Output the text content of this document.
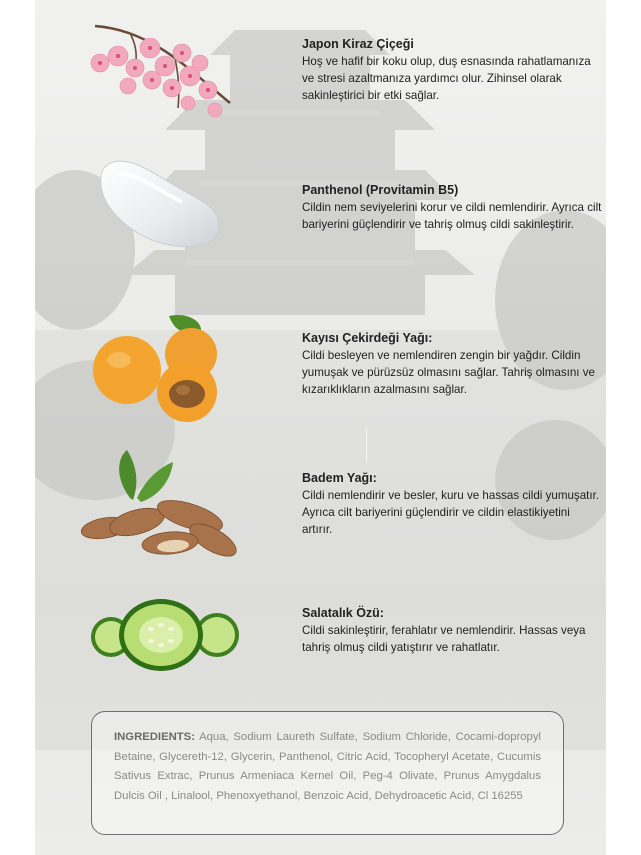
Japon Kiraz Çiçeği

Hoş ve hafif bir koku olup, duş esnasında rahatlamanıza ve stresi azaltmanıza yardımcı olur. Zihinsel olarak sakinleştirici bir etki sağlar.

Panthenol (Provitamin B5)

Cildin nem seviyelerini korur ve cildi nemlendirir. Ayrıca cilt bariyerini güçlendirir ve tahriş olmuş cildi sakinleştirir.

Kayısı Çekirdeği Yağı:

Cildi besleyen ve nemlendiren zengin bir yağdır. Cildin yumuşak ve pürüzsüz olmasını sağlar. Tahriş olmasını ve kızarıklıkların azalmasını sağlar.

Badem Yağı:

Cildi nemlendirir ve besler, kuru ve hassas cildi yumuşatır. Ayrıca cilt bariyerini güçlendirir ve cildin elastikiyetini artırır.

Salatalık Özü:

Cildi sakinleştirir, ferahlatır ve nemlendirir. Hassas veya tahriş olmuş cildi yatıştırır ve rahatlatır.

INGREDIENTS: Aqua, Sodium Laureth Sulfate, Sodium Chloride, Cocami-dopropyl Betaine, Glycereth-12, Glycerin, Panthenol, Citric Acid, Tocopheryl Acetate, Cucumis Sativus Extrac, Prunus Armeniaca Kernel Oil, Peg-4 Olivate, Prunus Amygdalus Dulcis Oil , Linalool, Phenoxyethanol, Benzoic Acid, Dehydroacetic Acid, Cl 16255
